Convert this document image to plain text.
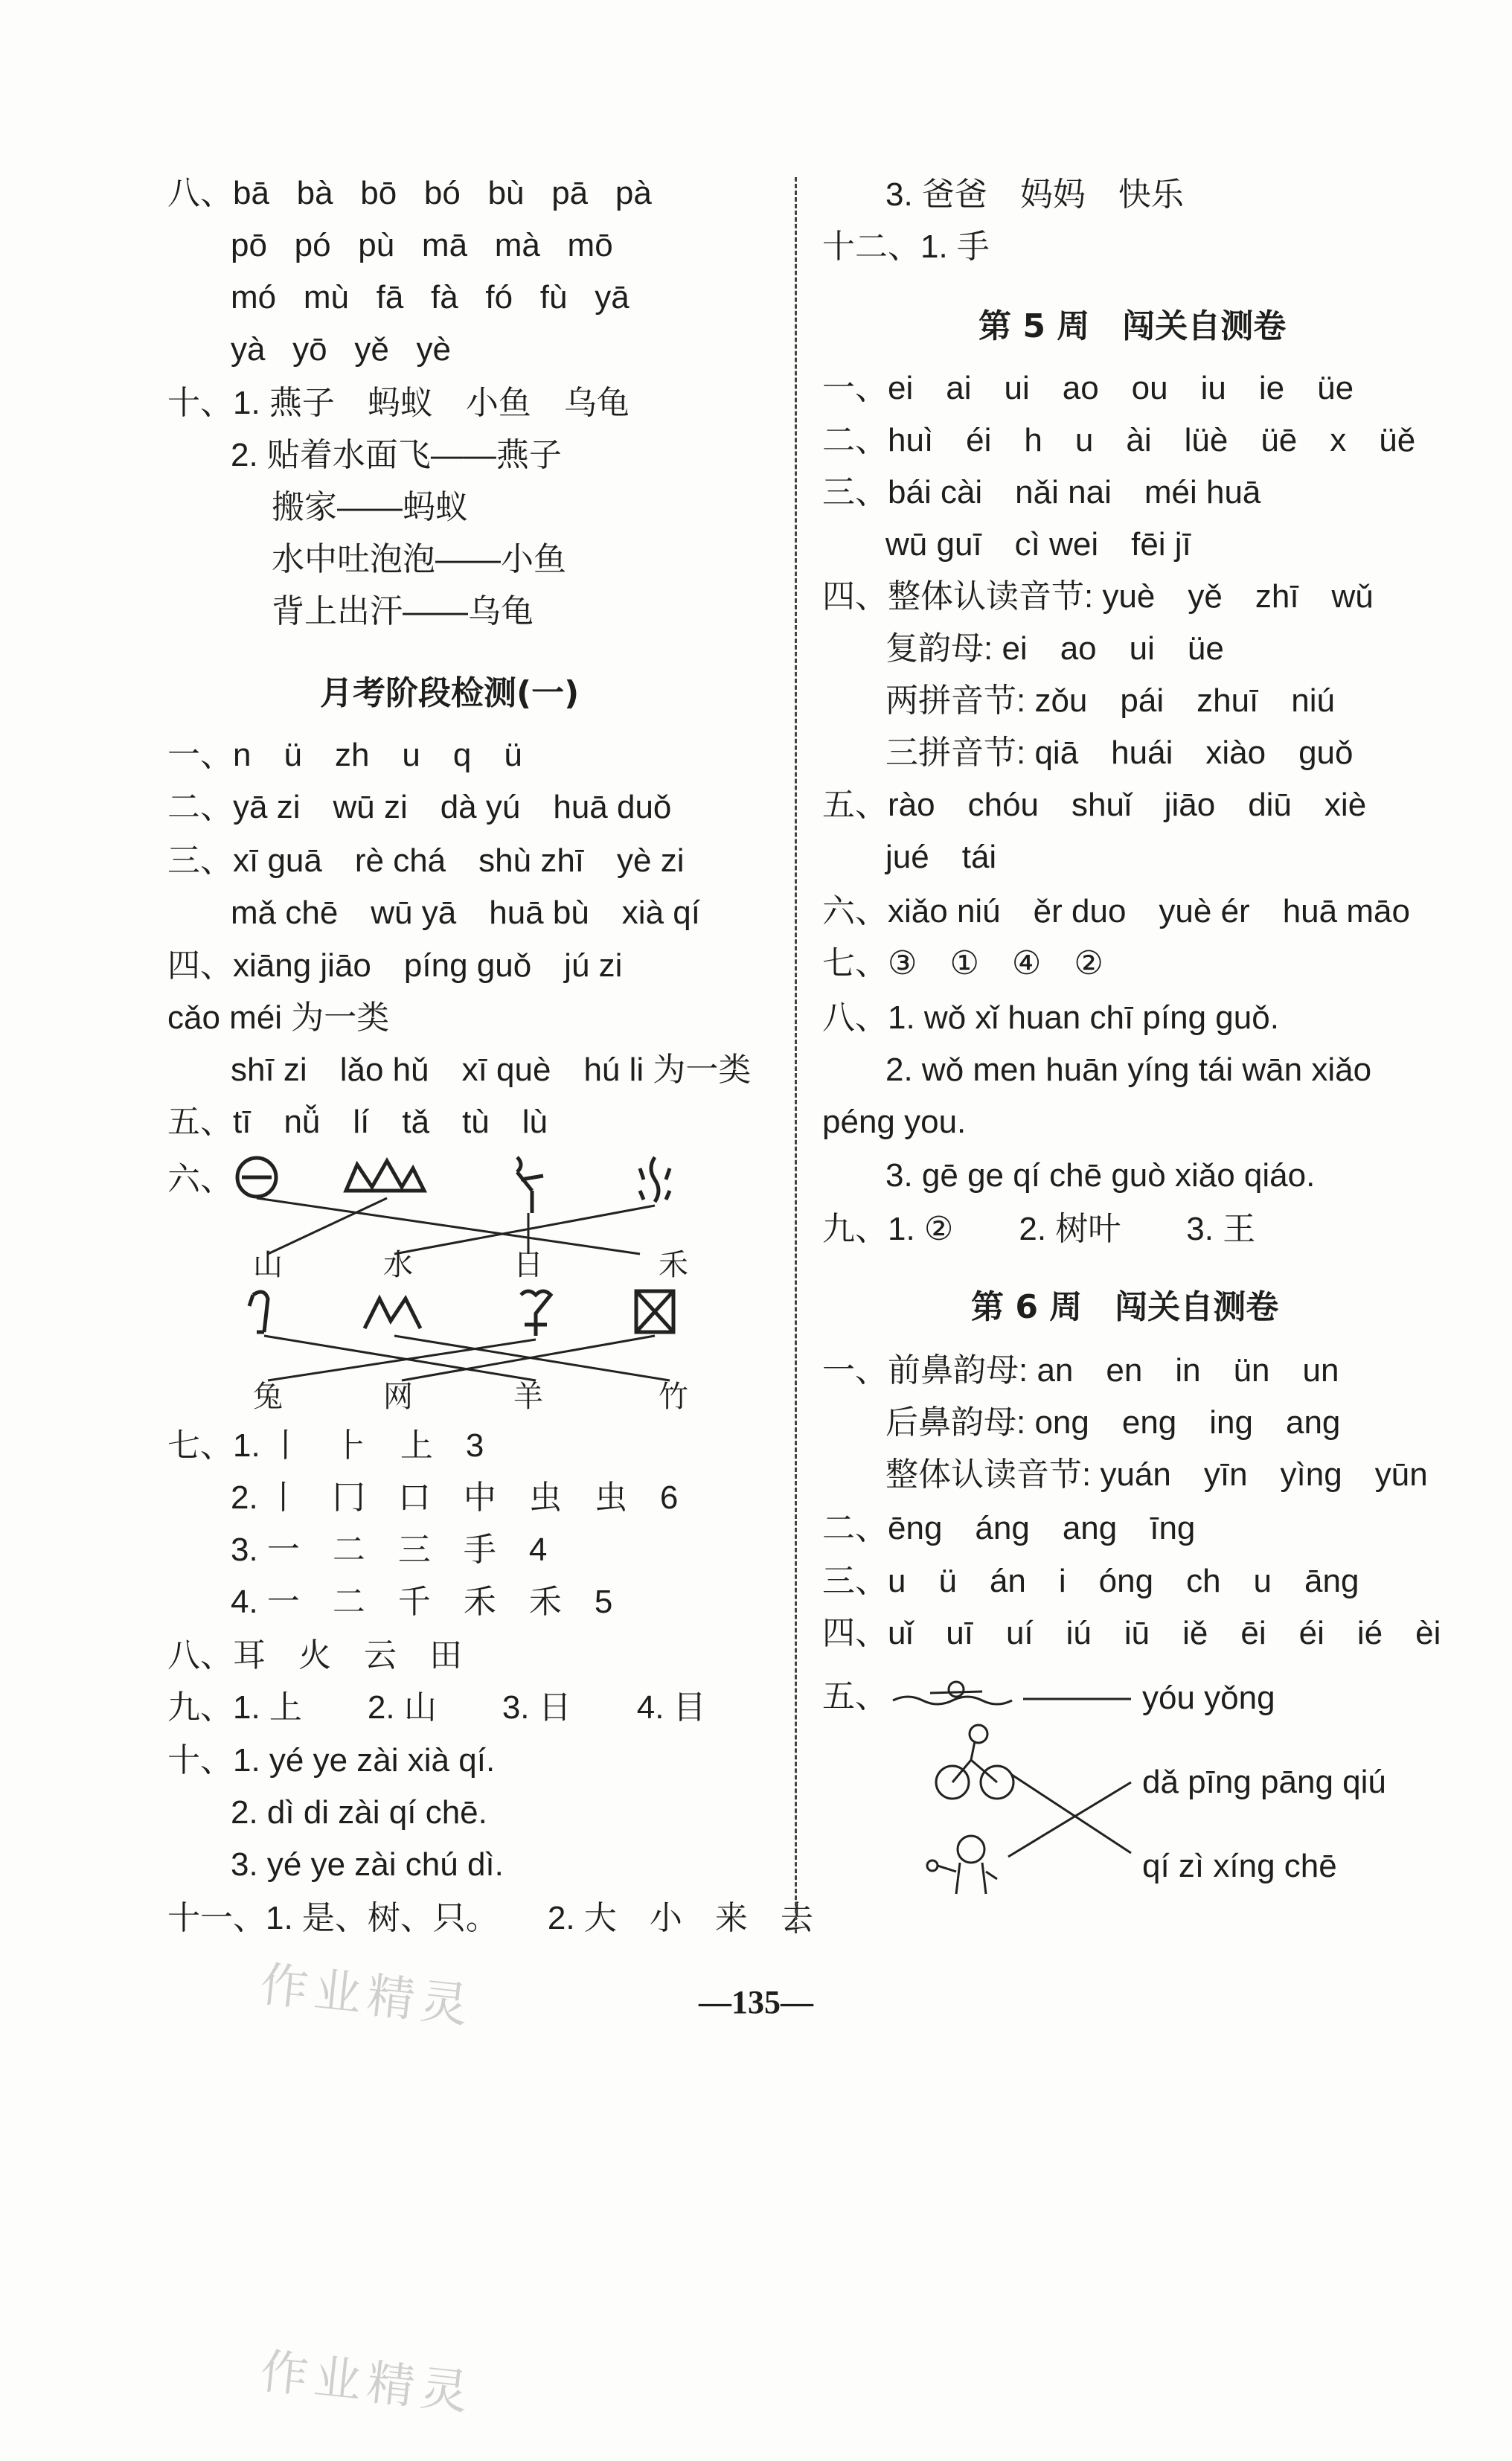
八、bā bà bō bó bù pā pà
pō pó pù mā mà mō
mó mù fā fà fó fù yā
yà yō yě yè
十、1. 燕子　蚂蚁　小鱼　乌龟
2. 贴着水面飞——燕子
搬家——蚂蚁
水中吐泡泡——小鱼
背上出汗——乌龟
月考阶段检测(一)
一、n　ü　zh　u　q　ü
二、yā zi　wū zi　dà yú　huā duǒ
三、xī guā　rè chá　shù zhī　yè zi
mǎ chē　wū yā　huā bù　xià qí
四、xiāng jiāo　píng guǒ　jú zi
cǎo méi 为一类
shī zi　lǎo hǔ　xī què　hú li 为一类
五、tī　nǚ　lí　tǎ　tù　lù
六、
山	水	日	禾
兔	网	羊	竹
七、1. 丨　⺊　上　3
2. 丨　冂　口　中　虫　虫　6
3. 一　二　三　手　4
4. 一　二　千　禾　禾　5
八、耳　火　云　田
九、1. 上　　2. 山　　3. 日　　4. 目
十、1. yé ye zài xià qí.
2. dì di zài qí chē.
3. yé ye zài chú dì.
十一、1. 是、树、只。　　2. 大　小　来　去
3. 爸爸　妈妈　快乐
十二、1. 手
第 5 周　闯关自测卷
一、ei　ai　ui　ao　ou　iu　ie　üe
二、huì　éi　h　u　ài　lüè　üē　x　üě
三、bái cài　nǎi nai　méi huā
wū guī　cì wei　fēi jī
四、整体认读音节: yuè　yě　zhī　wǔ
复韵母: ei　ao　ui　üe
两拼音节: zǒu　pái　zhuī　niú
三拼音节: qiā　huái　xiào　guǒ
五、rào　chóu　shuǐ　jiāo　diū　xiè
jué　tái
六、xiǎo niú　ěr duo　yuè ér　huā māo
七、③　①　④　②
八、1. wǒ xǐ huan chī píng guǒ.
2. wǒ men huān yíng tái wān xiǎo
péng you.
3. gē ge qí chē guò xiǎo qiáo.
九、1. ②　　2. 树叶　　3. 王
第 6 周　闯关自测卷
一、前鼻韵母: an　en　in　ün　un
后鼻韵母: ong　eng　ing　ang
整体认读音节: yuán　yīn　yìng　yūn
二、ēng　áng　ang　īng
三、u　ü　án　i　óng　ch　u　āng
四、uǐ　uī　uí　iú　iū　iě　ēi　éi　ié　èi
五、	yóu yǒng
dǎ pīng pāng qiú
qí zì xíng chē
—135—
作业精灵
作业精灵
